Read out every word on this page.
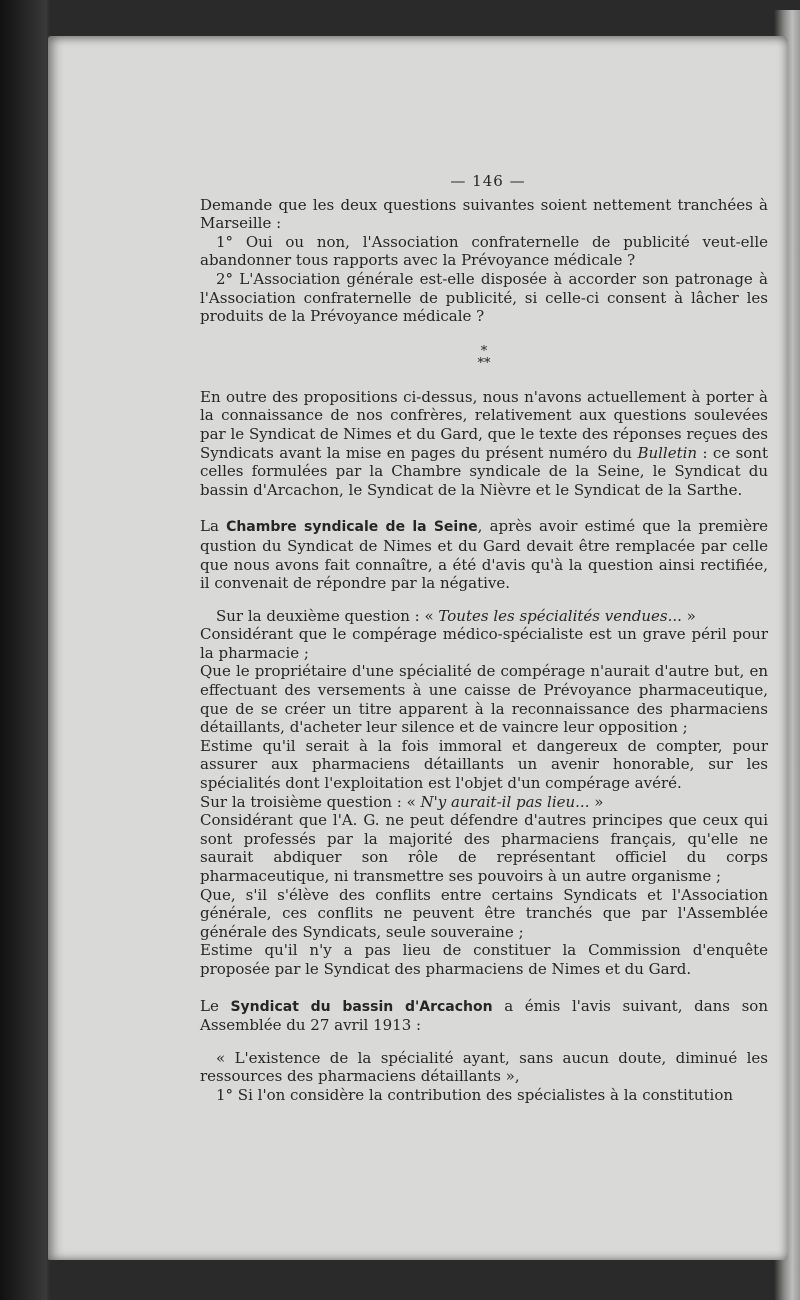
— 146 —

Demande que les deux questions suivantes soient nettement tranchées à Marseille :

1° Oui ou non, l'Association confraternelle de publicité veut-elle abandonner tous rapports avec la Prévoyance médicale ?

2° L'Association générale est-elle disposée à accorder son patronage à l'Association confraternelle de publicité, si celle-ci consent à lâcher les produits de la Prévoyance médicale ?

*
**

En outre des propositions ci-dessus, nous n'avons actuellement à porter à la connaissance de nos confrères, relativement aux questions soulevées par le Syndicat de Nimes et du Gard, que le texte des réponses reçues des Syndicats avant la mise en pages du présent numéro du Bulletin : ce sont celles formulées par la Chambre syndicale de la Seine, le Syndicat du bassin d'Arcachon, le Syndicat de la Nièvre et le Syndicat de la Sarthe.

La Chambre syndicale de la Seine, après avoir estimé que la première qustion du Syndicat de Nimes et du Gard devait être remplacée par celle que nous avons fait connaître, a été d'avis qu'à la question ainsi rectifiée, il convenait de répondre par la négative.

Sur la deuxième question : « Toutes les spécialités vendues... »

Considérant que le compérage médico-spécialiste est un grave péril pour la pharmacie ;

Que le propriétaire d'une spécialité de compérage n'aurait d'autre but, en effectuant des versements à une caisse de Prévoyance pharmaceutique, que de se créer un titre apparent à la reconnaissance des pharmaciens détaillants, d'acheter leur silence et de vaincre leur opposition ;

Estime qu'il serait à la fois immoral et dangereux de compter, pour assurer aux pharmaciens détaillants un avenir honorable, sur les spécialités dont l'exploitation est l'objet d'un compérage avéré.

Sur la troisième question : « N'y aurait-il pas lieu... »

Considérant que l'A. G. ne peut défendre d'autres principes que ceux qui sont professés par la majorité des pharmaciens français, qu'elle ne saurait abdiquer son rôle de représentant officiel du corps pharmaceutique, ni transmettre ses pouvoirs à un autre organisme ;

Que, s'il s'élève des conflits entre certains Syndicats et l'Association générale, ces conflits ne peuvent être tranchés que par l'Assemblée générale des Syndicats, seule souveraine ;

Estime qu'il n'y a pas lieu de constituer la Commission d'enquête proposée par le Syndicat des pharmaciens de Nimes et du Gard.

Le Syndicat du bassin d'Arcachon a émis l'avis suivant, dans son Assemblée du 27 avril 1913 :

« L'existence de la spécialité ayant, sans aucun doute, diminué les ressources des pharmaciens détaillants »,

1° Si l'on considère la contribution des spécialistes à la constitution
